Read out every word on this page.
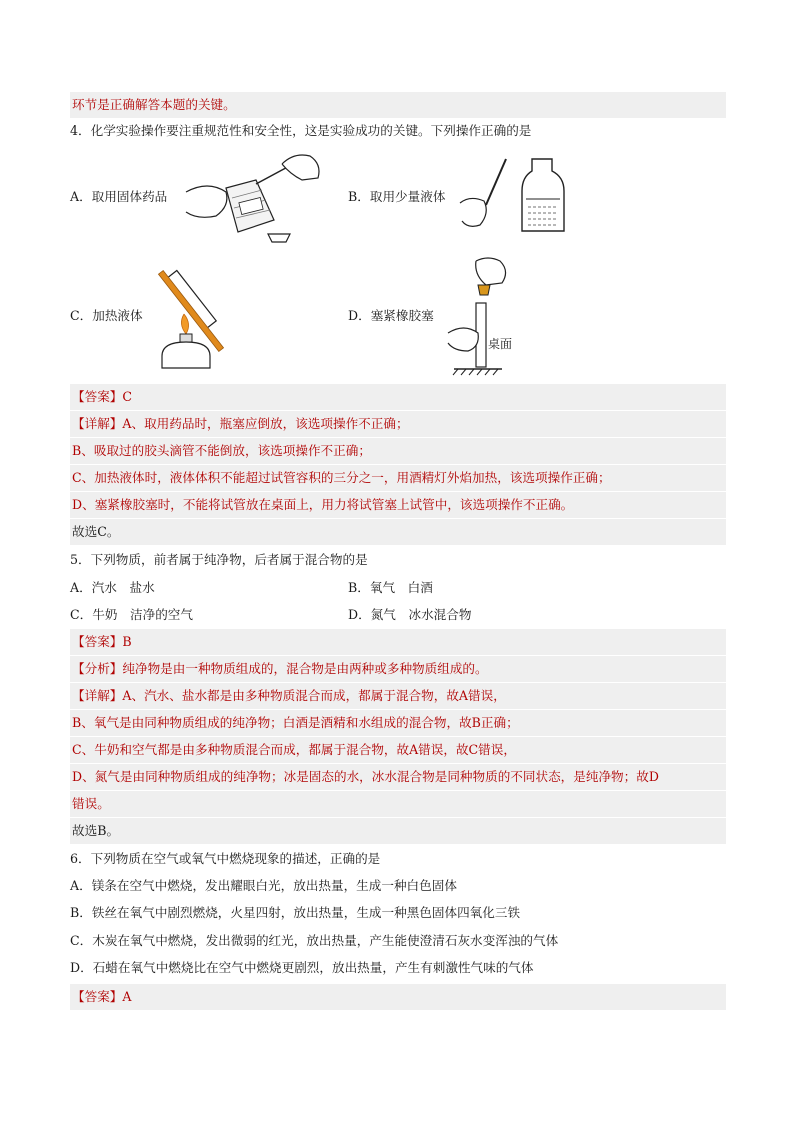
环节是正确解答本题的关键。
4．化学实验操作要注重规范性和安全性，这是实验成功的关键。下列操作正确的是
A．取用固体药品	B．取用少量液体
C．加热液体	D．塞紧橡胶塞
桌面
【答案】C
【详解】A、取用药品时，瓶塞应倒放，该选项操作不正确；
B、吸取过的胶头滴管不能倒放，该选项操作不正确；
C、加热液体时，液体体积不能超过试管容积的三分之一，用酒精灯外焰加热，该选项操作正确；
D、塞紧橡胶塞时，不能将试管放在桌面上，用力将试管塞上试管中，该选项操作不正确。
故选C。
5．下列物质，前者属于纯净物，后者属于混合物的是
A．汽水　盐水	B．氧气　白酒
C．牛奶　洁净的空气	D．氮气　冰水混合物
【答案】B
【分析】纯净物是由一种物质组成的，混合物是由两种或多种物质组成的。
【详解】A、汽水、盐水都是由多种物质混合而成，都属于混合物，故A错误，
B、氧气是由同种物质组成的纯净物；白酒是酒精和水组成的混合物，故B正确；
C、牛奶和空气都是由多种物质混合而成，都属于混合物，故A错误，故C错误，
D、氮气是由同种物质组成的纯净物；冰是固态的水，冰水混合物是同种物质的不同状态，是纯净物；故D
错误。
故选B。
6．下列物质在空气或氧气中燃烧现象的描述，正确的是
A．镁条在空气中燃烧，发出耀眼白光，放出热量，生成一种白色固体
B．铁丝在氧气中剧烈燃烧，火星四射，放出热量，生成一种黑色固体四氧化三铁
C．木炭在氧气中燃烧，发出微弱的红光，放出热量，产生能使澄清石灰水变浑浊的气体
D．石蜡在氧气中燃烧比在空气中燃烧更剧烈，放出热量，产生有刺激性气味的气体
【答案】A
